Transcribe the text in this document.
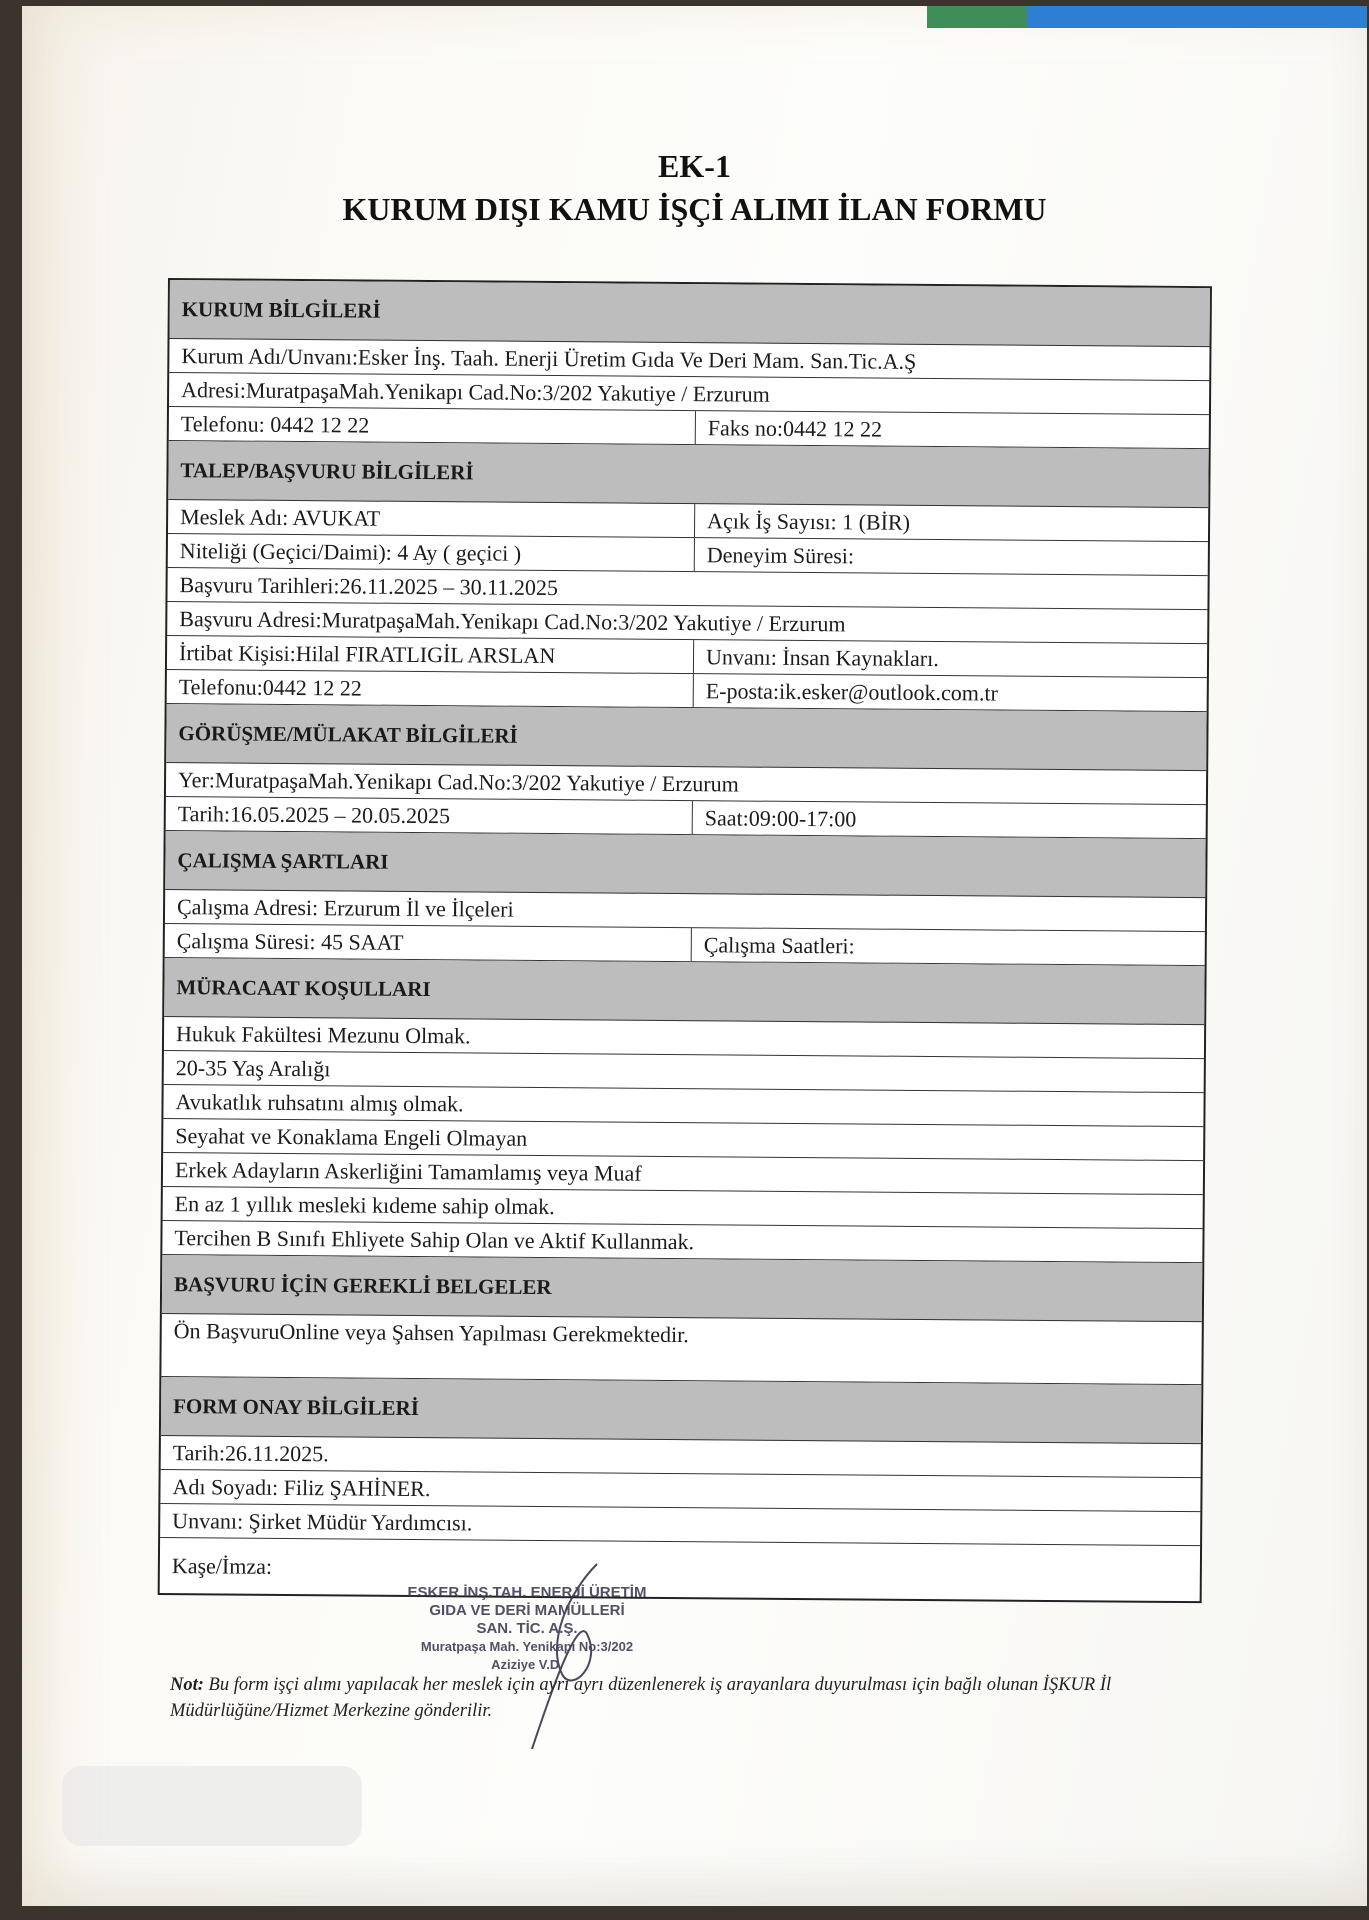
EK-1
KURUM DIŞI KAMU İŞÇİ ALIMI İLAN FORMU
KURUM BİLGİLERİ
Kurum Adı/Unvanı:Esker İnş. Taah. Enerji Üretim Gıda Ve Deri Mam. San.Tic.A.Ş
Adresi:MuratpaşaMah.Yenikapı Cad.No:3/202 Yakutiye / Erzurum
Telefonu: 0442 12 22	Faks no:0442 12 22
TALEP/BAŞVURU BİLGİLERİ
Meslek Adı: AVUKAT	Açık İş Sayısı: 1 (BİR)
Niteliği (Geçici/Daimi): 4 Ay ( geçici )	Deneyim Süresi:
Başvuru Tarihleri:26.11.2025 – 30.11.2025
Başvuru Adresi:MuratpaşaMah.Yenikapı Cad.No:3/202 Yakutiye / Erzurum
İrtibat Kişisi:Hilal FIRATLIGİL ARSLAN	Unvanı: İnsan Kaynakları.
Telefonu:0442 12 22	E-posta:ik.esker@outlook.com.tr
GÖRÜŞME/MÜLAKAT BİLGİLERİ
Yer:MuratpaşaMah.Yenikapı Cad.No:3/202 Yakutiye / Erzurum
Tarih:16.05.2025 – 20.05.2025	Saat:09:00-17:00
ÇALIŞMA ŞARTLARI
Çalışma Adresi: Erzurum İl ve İlçeleri
Çalışma Süresi: 45 SAAT	Çalışma Saatleri:
MÜRACAAT KOŞULLARI
Hukuk Fakültesi Mezunu Olmak.
20-35 Yaş Aralığı
Avukatlık ruhsatını almış olmak.
Seyahat ve Konaklama Engeli Olmayan
Erkek Adayların Askerliğini Tamamlamış veya Muaf
En az 1 yıllık mesleki kıdeme sahip olmak.
Tercihen B Sınıfı Ehliyete Sahip Olan ve Aktif Kullanmak.
BAŞVURU İÇİN GEREKLİ BELGELER
Ön BaşvuruOnline veya Şahsen Yapılması Gerekmektedir.
FORM ONAY BİLGİLERİ
Tarih:26.11.2025.
Adı Soyadı: Filiz ŞAHİNER.
Unvanı: Şirket Müdür Yardımcısı.
Kaşe/İmza:
ESKER İNŞ.TAH. ENERJİ ÜRETİM
GIDA VE DERİ MAMÜLLERİ
SAN. TİC. A.Ş.
Muratpaşa Mah. Yenikapı No:3/202
Aziziye V.D.
Not: Bu form işçi alımı yapılacak her meslek için ayrı ayrı düzenlenerek iş arayanlara duyurulması için bağlı olunan İŞKUR İl Müdürlüğüne/Hizmet Merkezine gönderilir.
